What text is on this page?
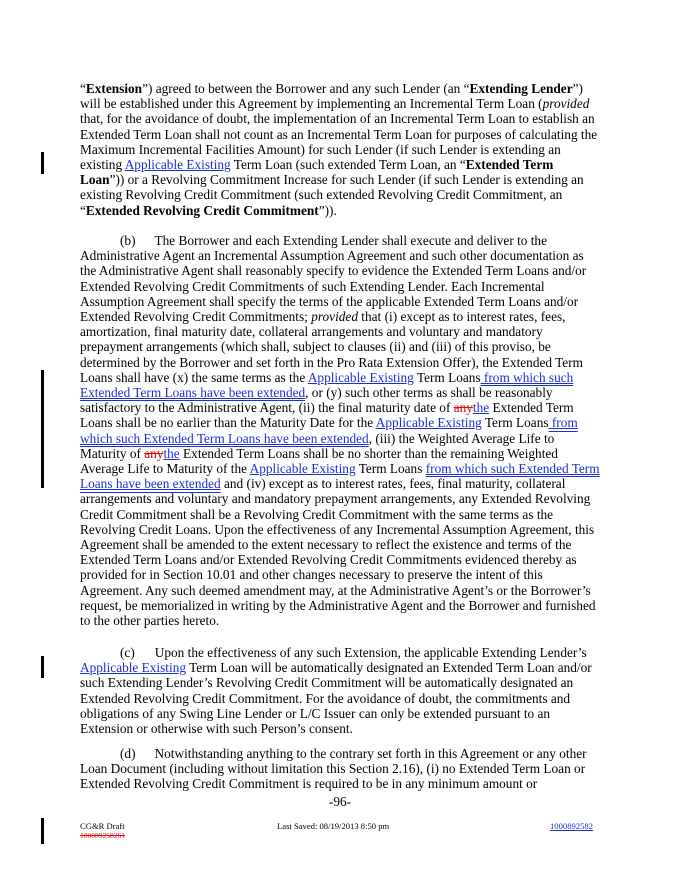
“Extension”) agreed to between the Borrower and any such Lender (an “Extending Lender”) will be established under this Agreement by implementing an Incremental Term Loan (provided that, for the avoidance of doubt, the implementation of an Incremental Term Loan to establish an Extended Term Loan shall not count as an Incremental Term Loan for purposes of calculating the Maximum Incremental Facilities Amount) for such Lender (if such Lender is extending an existing Applicable Existing Term Loan (such extended Term Loan, an “Extended Term Loan”)) or a Revolving Commitment Increase for such Lender (if such Lender is extending an existing Revolving Credit Commitment (such extended Revolving Credit Commitment, an “Extended Revolving Credit Commitment”)).

(b) The Borrower and each Extending Lender shall execute and deliver to the Administrative Agent an Incremental Assumption Agreement and such other documentation as the Administrative Agent shall reasonably specify to evidence the Extended Term Loans and/or Extended Revolving Credit Commitments of such Extending Lender. Each Incremental Assumption Agreement shall specify the terms of the applicable Extended Term Loans and/or Extended Revolving Credit Commitments; provided that (i) except as to interest rates, fees, amortization, final maturity date, collateral arrangements and voluntary and mandatory prepayment arrangements (which shall, subject to clauses (ii) and (iii) of this proviso, be determined by the Borrower and set forth in the Pro Rata Extension Offer), the Extended Term Loans shall have (x) the same terms as the Applicable Existing Term Loans from which such Extended Term Loans have been extended, or (y) such other terms as shall be reasonably satisfactory to the Administrative Agent, (ii) the final maturity date of anythe Extended Term Loans shall be no earlier than the Maturity Date for the Applicable Existing Term Loans from which such Extended Term Loans have been extended, (iii) the Weighted Average Life to Maturity of anythe Extended Term Loans shall be no shorter than the remaining Weighted Average Life to Maturity of the Applicable Existing Term Loans from which such Extended Term Loans have been extended and (iv) except as to interest rates, fees, final maturity, collateral arrangements and voluntary and mandatory prepayment arrangements, any Extended Revolving Credit Commitment shall be a Revolving Credit Commitment with the same terms as the Revolving Credit Loans. Upon the effectiveness of any Incremental Assumption Agreement, this Agreement shall be amended to the extent necessary to reflect the existence and terms of the Extended Term Loans and/or Extended Revolving Credit Commitments evidenced thereby as provided for in Section 10.01 and other changes necessary to preserve the intent of this Agreement. Any such deemed amendment may, at the Administrative Agent’s or the Borrower’s request, be memorialized in writing by the Administrative Agent and the Borrower and furnished to the other parties hereto.

(c) Upon the effectiveness of any such Extension, the applicable Extending Lender’s Applicable Existing Term Loan will be automatically designated an Extended Term Loan and/or such Extending Lender’s Revolving Credit Commitment will be automatically designated an Extended Revolving Credit Commitment. For the avoidance of doubt, the commitments and obligations of any Swing Line Lender or L/C Issuer can only be extended pursuant to an Extension or otherwise with such Person’s consent.

(d) Notwithstanding anything to the contrary set forth in this Agreement or any other Loan Document (including without limitation this Section 2.16), (i) no Extended Term Loan or Extended Revolving Credit Commitment is required to be in any minimum amount or

-96-
CG&R Draft
100089258261
Last Saved: 08/19/2013 8:50 pm	1000892582
